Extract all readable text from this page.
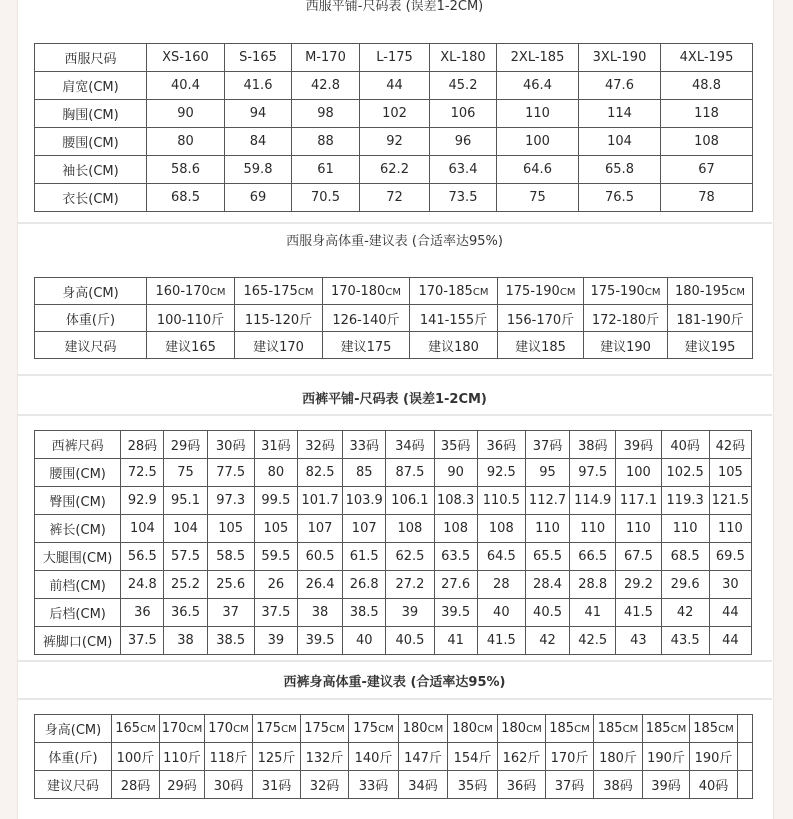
西服平铺-尺码表 (误差1-2CM)
西服尺码	XS-160	S-165	M-170	L-175	XL-180	2XL-185	3XL-190	4XL-195
肩宽(CM)	40.4	41.6	42.8	44	45.2	46.4	47.6	48.8
胸围(CM)	90	94	98	102	106	110	114	118
腰围(CM)	80	84	88	92	96	100	104	108
袖长(CM)	58.6	59.8	61	62.2	63.4	64.6	65.8	67
衣长(CM)	68.5	69	70.5	72	73.5	75	76.5	78
西服身高体重-建议表 (合适率达95%)
身高(CM)	160-170CM	165-175CM	170-180CM	170-185CM	175-190CM	175-190CM	180-195CM
体重(斤)	100-110斤	115-120斤	126-140斤	141-155斤	156-170斤	172-180斤	181-190斤
建议尺码	建议165	建议170	建议175	建议180	建议185	建议190	建议195
西裤平铺-尺码表 (误差1-2CM)
西裤尺码	28码	29码	30码	31码	32码	33码	34码	35码	36码	37码	38码	39码	40码	42码
腰围(CM)	72.5	75	77.5	80	82.5	85	87.5	90	92.5	95	97.5	100	102.5	105
臀围(CM)	92.9	95.1	97.3	99.5	101.7	103.9	106.1	108.3	110.5	112.7	114.9	117.1	119.3	121.5
裤长(CM)	104	104	105	105	107	107	108	108	108	110	110	110	110	110
大腿围(CM)	56.5	57.5	58.5	59.5	60.5	61.5	62.5	63.5	64.5	65.5	66.5	67.5	68.5	69.5
前档(CM)	24.8	25.2	25.6	26	26.4	26.8	27.2	27.6	28	28.4	28.8	29.2	29.6	30
后档(CM)	36	36.5	37	37.5	38	38.5	39	39.5	40	40.5	41	41.5	42	44
裤脚口(CM)	37.5	38	38.5	39	39.5	40	40.5	41	41.5	42	42.5	43	43.5	44
西裤身高体重-建议表 (合适率达95%)
身高(CM)	165CM	170CM	170CM	175CM	175CM	175CM	180CM	180CM	180CM	185CM	185CM	185CM	185CM	
体重(斤)	100斤	110斤	118斤	125斤	132斤	140斤	147斤	154斤	162斤	170斤	180斤	190斤	190斤	
建议尺码	28码	29码	30码	31码	32码	33码	34码	35码	36码	37码	38码	39码	40码	
